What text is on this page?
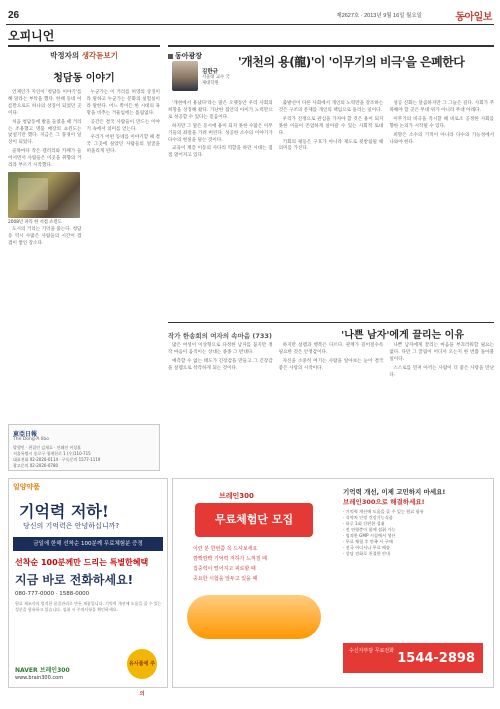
26	제2627호 · 2013년 9월 16일 월요일	동아일보
오피니언
박정자의 생각돋보기
청담동 이야기

언제인가 지인이 '청담동 이야기'를 해 달라는 부탁을 했다. 한때 동네 이름만으로도 하나의 상징이 되었던 곳이다.

처음 청담동에 발을 들였을 때 거리는 조용했고 명품 매장의 쇼윈도는 낯설기만 했다. 지금은 그 풍경이 일상이 되었다.

골목마다 작은 갤러리와 카페가 들어서면서 사람들은 이곳을 취향의 거리라 부르기 시작했다.

2008년 파리 한 서점 쇼윈도

도시의 거리는 기억을 품는다. 청담동 역시 수많은 사람들의 시간이 겹겹이 쌓인 장소다.

누군가는 이 거리를 허영의 상징이라 말하고 누군가는 문화의 실험실이라 말한다. 어느 쪽이든 한 시대의 욕망을 비추는 거울임에는 틀림없다.

공간은 결국 사람들이 만드는 이야기 속에서 의미를 얻는다.

우리가 어떤 동네를 이야기할 때 결국 그곳에 살았던 사람들의 얼굴을 떠올리게 된다.

동아광장
김한규
서울대 교수 국제대학원
'개천의 용(龍)'이 '이무기의 비극'을 은폐한다

'개천에서 용났다'라는 말은 오랫동안 우리 사회의 희망을 상징해 왔다. 가난한 집안의 아이가 노력만으로 성공할 수 있다는 믿음이다.

하지만 그 말은 동시에 용이 되지 못한 수많은 이무기들의 좌절을 가려 버린다. 성공한 소수의 이야기가 다수의 현실을 덮는 것이다.

교육이 계층 이동의 사다리 역할을 하던 시대는 점점 멀어지고 있다.

출발선이 다른 사회에서 개인의 노력만을 강조하는 것은 구조의 문제를 개인의 책임으로 돌리는 일이다.

우리가 진정으로 관심을 가져야 할 것은 용이 되지 못한 이들이 존엄하게 살아갈 수 있는 사회적 토대다.

기회의 평등은 구호가 아니라 제도로 뒷받침될 때 의미를 가진다.

성공 신화는 달콤하지만 그 그늘은 길다. 사회가 주목해야 할 곳은 무대 위가 아니라 무대 아래다.

이무기의 비극을 직시할 때 비로소 공정한 사회를 향한 논의가 시작될 수 있다.

희망은 소수의 기적이 아니라 다수의 가능성에서 나와야 한다.

작가 한송희의 여자의 속마음 (733)	'나쁜 남자'에게 끌리는 이유

많은 여성이 이상형으로 다정한 남자를 꼽지만 정작 마음이 움직이는 상대는 종종 그 반대다.

예측할 수 없는 태도가 긴장감을 만들고 그 긴장감을 설렘으로 착각하게 되는 것이다.

하지만 설렘과 행복은 다르다. 관계가 길어질수록 필요한 것은 안정감이다.

자신을 소중히 여기는 사람을 알아보는 눈이 결국 좋은 사랑의 시작이다.

나쁜 남자에게 끌리는 마음을 부끄러워할 필요는 없다. 다만 그 끌림이 어디서 오는지 한 번쯤 돌아볼 일이다.

스스로를 먼저 아끼는 사람이 더 좋은 사랑을 만난다.

東亞日報
The Dong-A Ilbo
발행인 · 편집인 김재호 · 인쇄인 이상훈
서울특별시 종로구 청계천로 1 (우)110-715
대표전화 02-2020-0114 · 구독문의 1577-1119
광고문의 02-2020-0780
일양약품
기억력 저하!
당신의 기억력은 안녕하십니까?
금일에 한해 선착순 100분께 무료체험분 증정
선착순 100분께만 드리는 특별한혜택
지금 바로 전화하세요!
080-777-0000 · 1588-0000
원료 제조사의 엄격한 품질관리로 만든 제품입니다. 기억력 개선에 도움을 줄 수 있는 성분을 함유하고 있습니다. 섭취 시 주의사항을 확인하세요.
유사품에 주의
NAVER 브레인300
www.brain300.com
브레인300
무료체험단 모집
이런 분 한번쯤 꼭 드셔보세요
깜빡깜빡 기억력 저하가 느껴질 때
집중력이 떨어지고 피로할 때
중요한 시험을 앞두고 있을 때
기억력 개선, 이제 고민하지 마세요!
브레인300으로 해결하세요!
· 기억력 개선에 도움을 줄 수 있는 원료 함유
· 식약처 인정 건강기능식품
· 하루 1회 간편한 섭취
· 전 연령층이 함께 섭취 가능
· 엄격한 GMP 시설에서 생산
· 무료 체험 후 만족 시 구매
· 전국 어디서나 무료 배송
· 상담 전화로 친절한 안내
수신자부담 무료전화 1544-2898
